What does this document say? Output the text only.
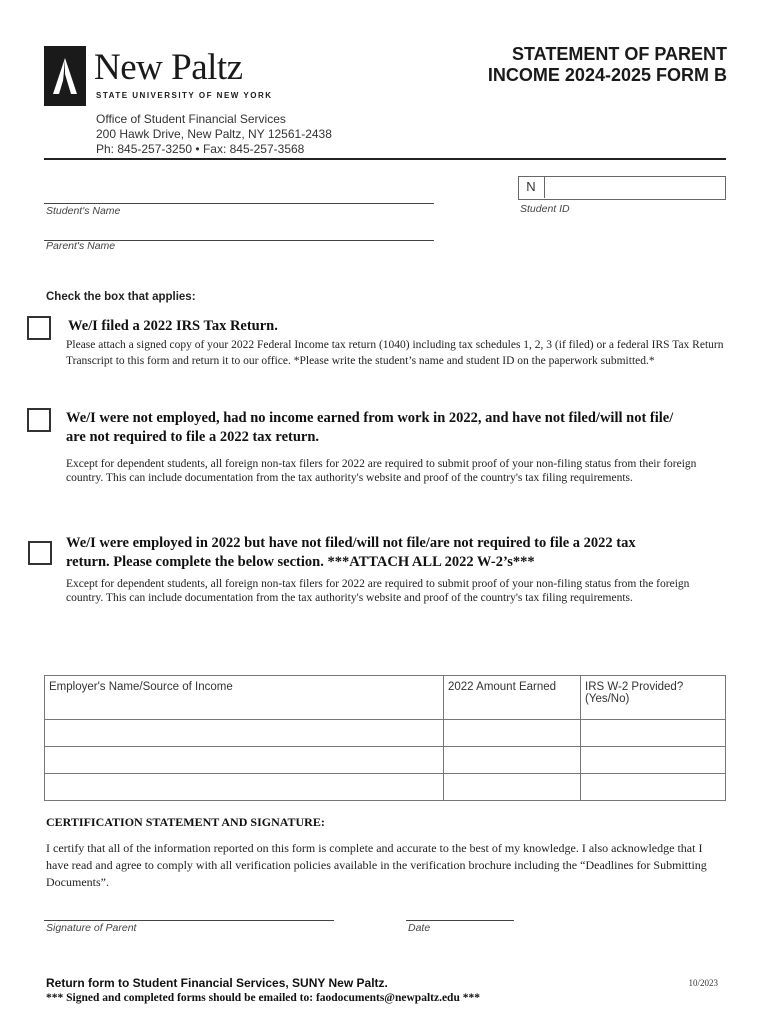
New Paltz
STATE UNIVERSITY OF NEW YORK
STATEMENT OF PARENT
INCOME 2024-2025 FORM B
Office of Student Financial Services
200 Hawk Drive, New Paltz, NY 12561-2438
Ph: 845-257-3250 • Fax: 845-257-3568
Student's Name
Parent's Name
N
Student ID
Check the box that applies:
We/I filed a 2022 IRS Tax Return.
Please attach a signed copy of your 2022 Federal Income tax return (1040) including tax schedules 1, 2, 3 (if filed) or a federal IRS Tax Return Transcript to this form and return it to our office. *Please write the student’s name and student ID on the paperwork submitted.*
We/I were not employed, had no income earned from work in 2022, and have not filed/will not file/
are not required to file a 2022 tax return.
Except for dependent students, all foreign non-tax filers for 2022 are required to submit proof of your non-filing status from their foreign country. This can include documentation from the tax authority's website and proof of the country's tax filing requirements.
We/I were employed in 2022 but have not filed/will not file/are not required to file a 2022 tax
return. Please complete the below section. ***ATTACH ALL 2022 W-2’s***
Except for dependent students, all foreign non-tax filers for 2022 are required to submit proof of your non-filing status from the foreign country. This can include documentation from the tax authority's website and proof of the country's tax filing requirements.
Employer's Name/Source of Income	2022 Amount Earned	IRS W-2 Provided? (Yes/No)

CERTIFICATION STATEMENT AND SIGNATURE:
I certify that all of the information reported on this form is complete and accurate to the best of my knowledge. I also acknowledge that I have read and agree to comply with all verification policies available in the verification brochure including the “Deadlines for Submitting Documents”.
Signature of Parent	Date
Return form to Student Financial Services, SUNY New Paltz.
*** Signed and completed forms should be emailed to: faodocuments@newpaltz.edu ***
10/2023
